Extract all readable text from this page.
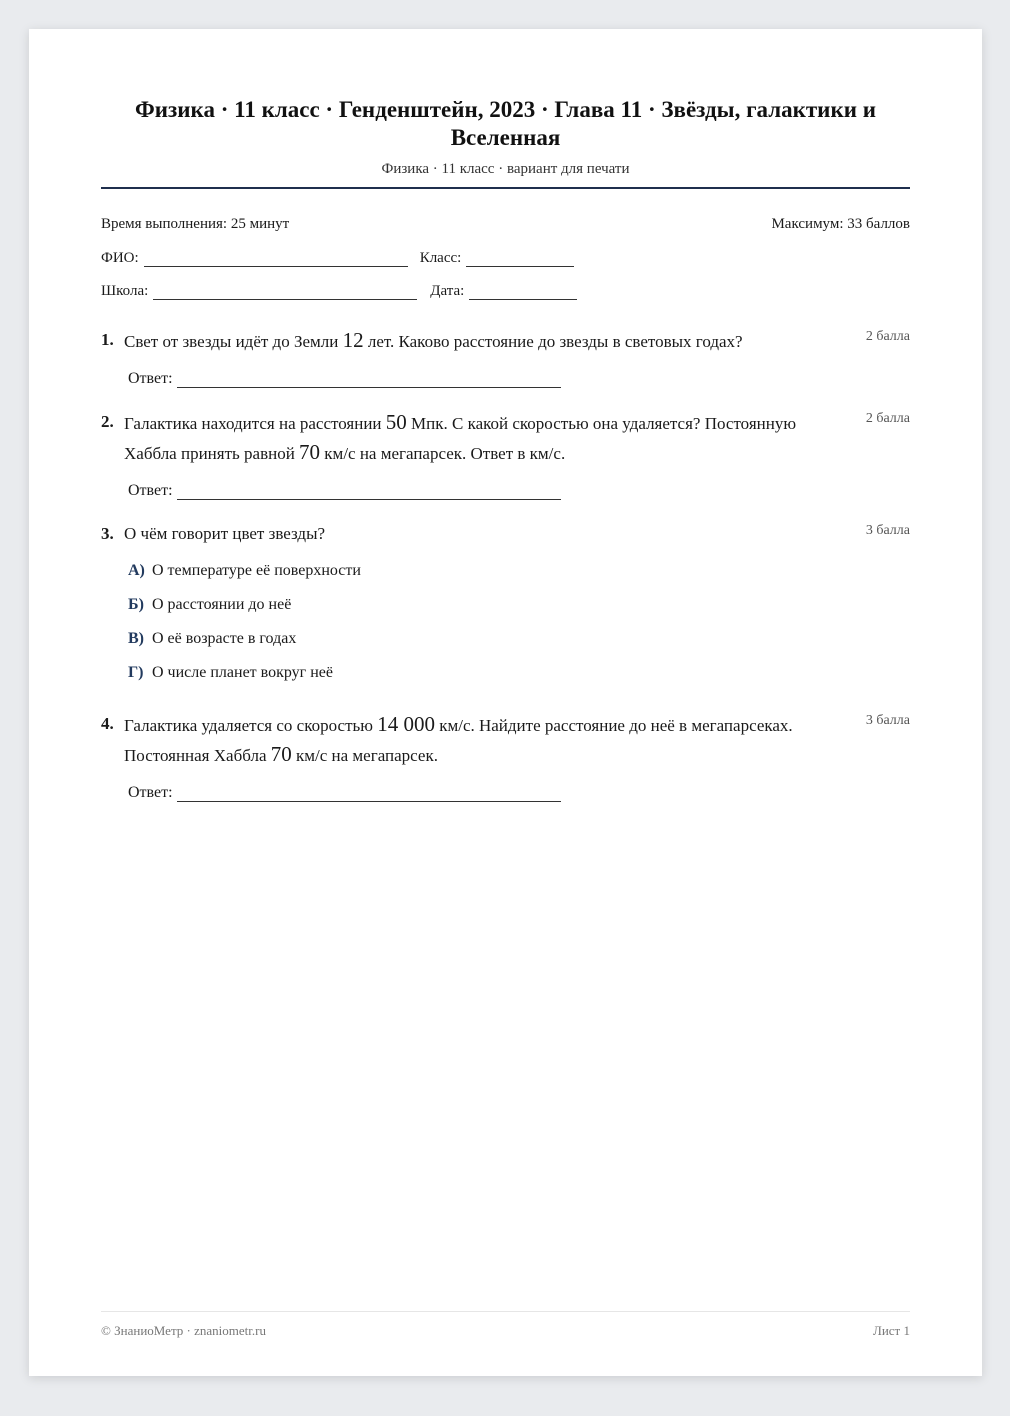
Физика · 11 класс · Генденштейн, 2023 · Глава 11 · Звёзды, галактики и Вселенная
Физика · 11 класс · вариант для печати
Время выполнения: 25 минут	Максимум: 33 баллов
ФИО:	Класс:
Школа:	Дата:
1. Свет от звезды идёт до Земли 12 лет. Каково расстояние до звезды в световых годах?	2 балла
Ответ:
2. Галактика находится на расстоянии 50 Мпк. С какой скоростью она удаляется? Постоянную Хаббла принять равной 70 км/с на мегапарсек. Ответ в км/с.
2 балла
Ответ:
3. О чём говорит цвет звезды?	3 балла
А) О температуре её поверхности
Б) О расстоянии до неё
В) О её возрасте в годах
Г) О числе планет вокруг неё
4. Галактика удаляется со скоростью 14 000 км/с. Найдите расстояние до неё в мегапарсеках. Постоянная Хаббла 70 км/с на мегапарсек.
3 балла
Ответ:
© ЗнаниоМетр · znaniometr.ru	Лист 1
